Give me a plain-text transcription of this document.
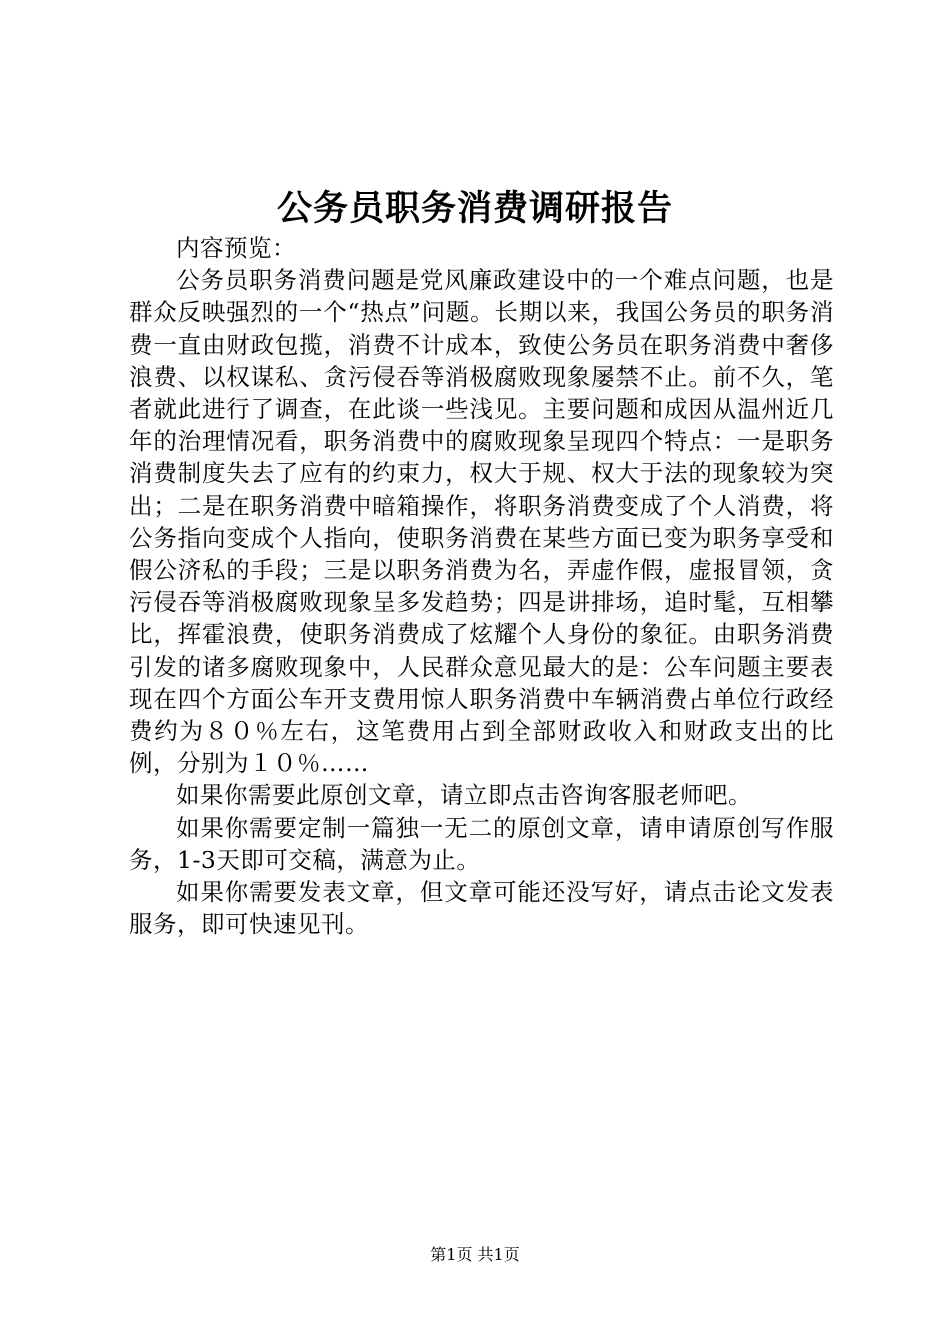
公务员职务消费调研报告

内容预览：

公务员职务消费问题是党风廉政建设中的一个难点问题，也是群众反映强烈的一个“热点”问题。长期以来，我国公务员的职务消费一直由财政包揽，消费不计成本，致使公务员在职务消费中奢侈浪费、以权谋私、贪污侵吞等消极腐败现象屡禁不止。前不久，笔者就此进行了调查，在此谈一些浅见。主要问题和成因从温州近几年的治理情况看，职务消费中的腐败现象呈现四个特点：一是职务消费制度失去了应有的约束力，权大于规、权大于法的现象较为突出；二是在职务消费中暗箱操作，将职务消费变成了个人消费，将公务指向变成个人指向，使职务消费在某些方面已变为职务享受和假公济私的手段；三是以职务消费为名，弄虚作假，虚报冒领，贪污侵吞等消极腐败现象呈多发趋势；四是讲排场，追时髦，互相攀比，挥霍浪费，使职务消费成了炫耀个人身份的象征。由职务消费引发的诸多腐败现象中，人民群众意见最大的是：公车问题主要表现在四个方面公车开支费用惊人职务消费中车辆消费占单位行政经费约为８０％左右，这笔费用占到全部财政收入和财政支出的比例，分别为１０％……

如果你需要此原创文章，请立即点击咨询客服老师吧。

如果你需要定制一篇独一无二的原创文章，请申请原创写作服务，1-3天即可交稿，满意为止。

如果你需要发表文章，但文章可能还没写好，请点击论文发表服务，即可快速见刊。

第1页 共1页
